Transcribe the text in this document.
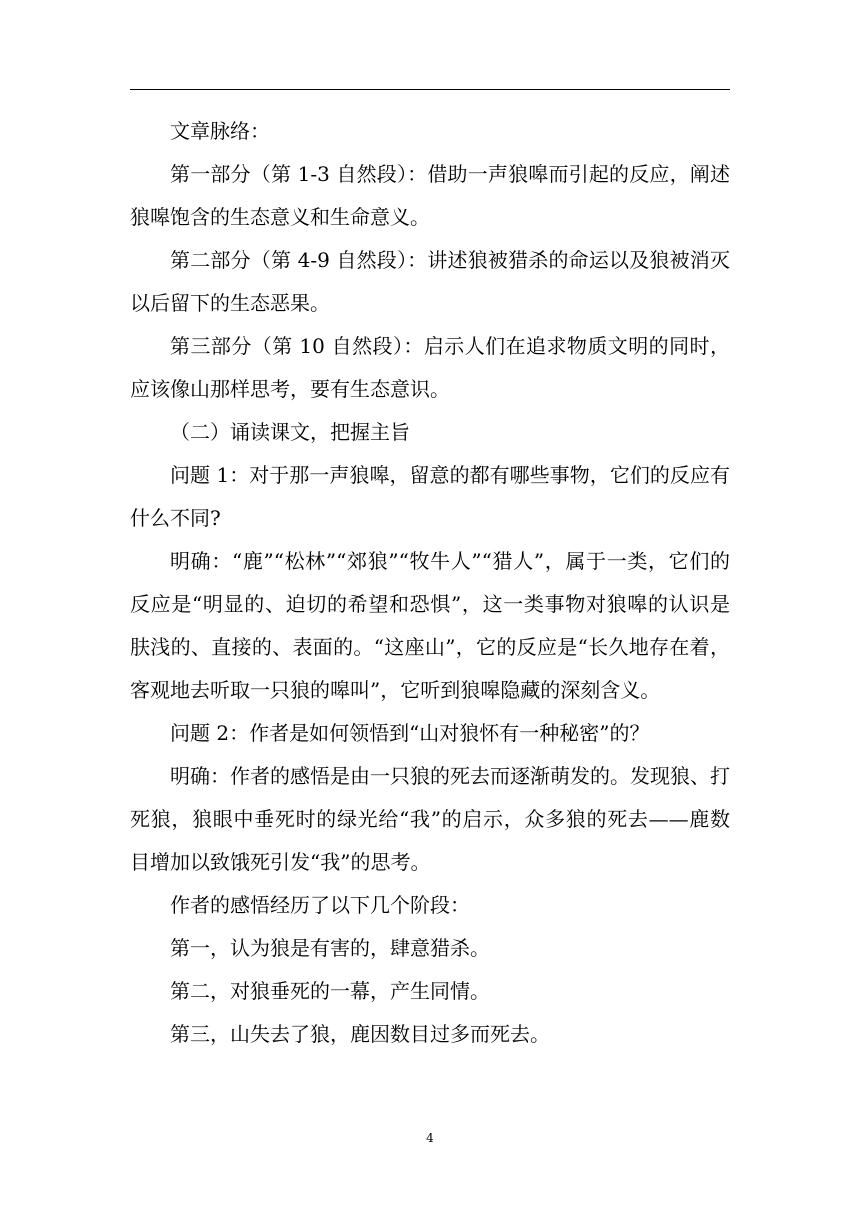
文章脉络：

第一部分（第 1-3 自然段）：借助一声狼嗥而引起的反应，阐述狼嗥饱含的生态意义和生命意义。

第二部分（第 4-9 自然段）：讲述狼被猎杀的命运以及狼被消灭以后留下的生态恶果。

第三部分（第 10 自然段）：启示人们在追求物质文明的同时，应该像山那样思考，要有生态意识。

（二）诵读课文，把握主旨

问题 1：对于那一声狼嗥，留意的都有哪些事物，它们的反应有什么不同?

明确：“鹿”“松林”“郊狼”“牧牛人”“猎人”，属于一类，它们的反应是“明显的、迫切的希望和恐惧”，这一类事物对狼嗥的认识是肤浅的、直接的、表面的。“这座山”，它的反应是“长久地存在着，客观地去听取一只狼的嗥叫”，它听到狼嗥隐藏的深刻含义。

问题 2：作者是如何领悟到“山对狼怀有一种秘密”的？

明确：作者的感悟是由一只狼的死去而逐渐萌发的。发现狼、打死狼，狼眼中垂死时的绿光给“我”的启示，众多狼的死去——鹿数目增加以致饿死引发“我”的思考。

作者的感悟经历了以下几个阶段：

第一，认为狼是有害的，肆意猎杀。

第二，对狼垂死的一幕，产生同情。

第三，山失去了狼，鹿因数目过多而死去。

4
